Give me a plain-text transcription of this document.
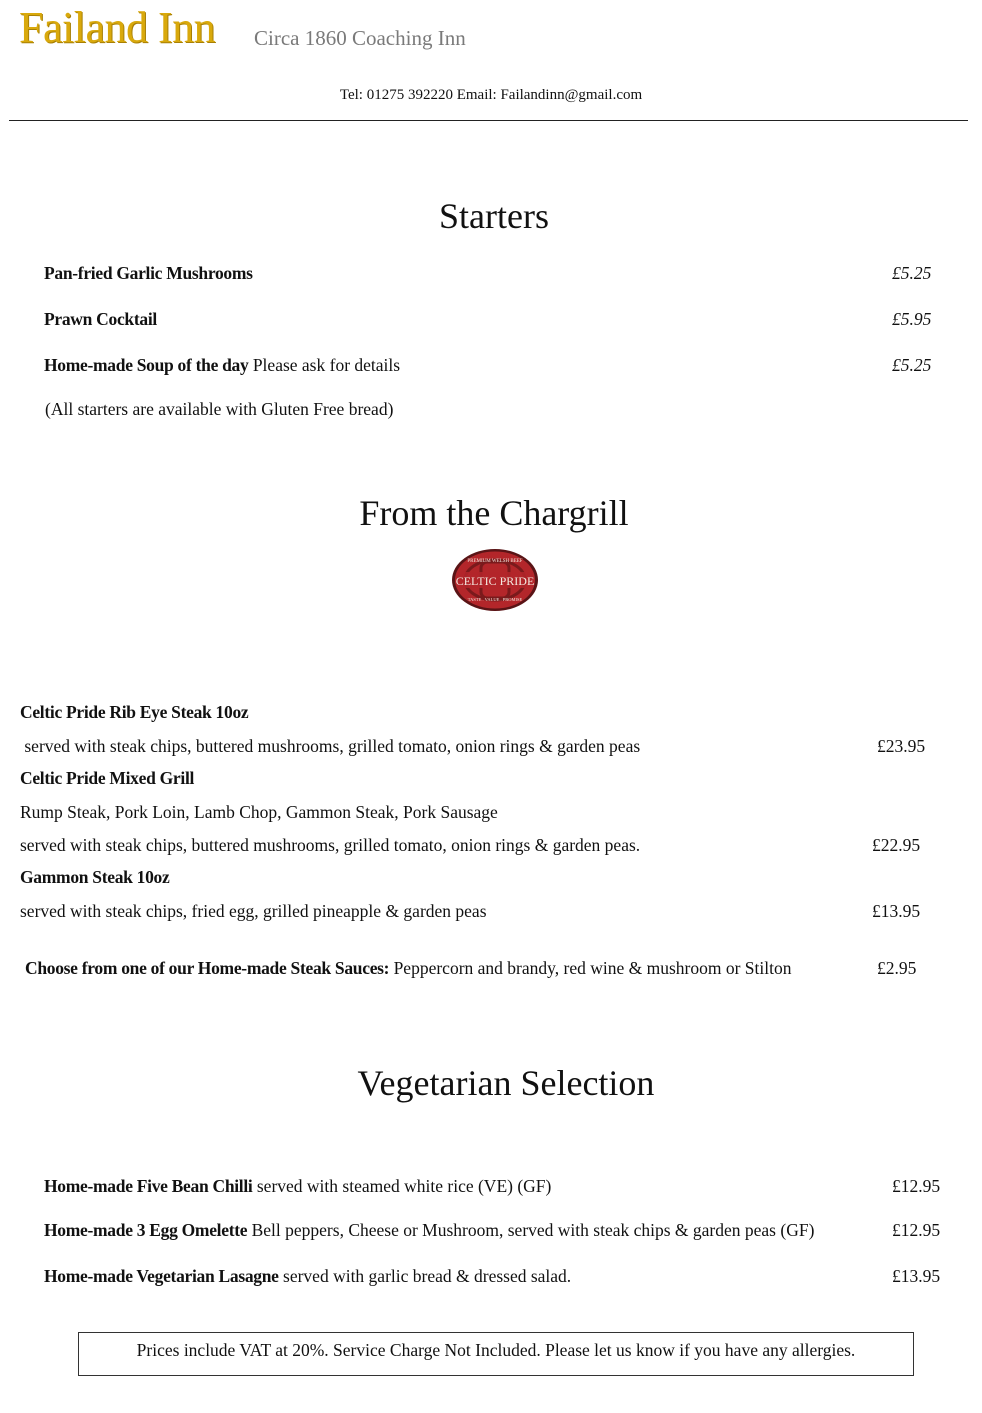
Failand Inn Circa 1860 Coaching Inn
Tel: 01275 392220 Email: Failandinn@gmail.com
Starters
Pan-fried Garlic Mushrooms	£5.25
Prawn Cocktail	£5.95
Home-made Soup of the day Please ask for details	£5.25
(All starters are available with Gluten Free bread)
From the Chargrill
CELTIC PRIDE
PREMIUM WELSH BEEF
TASTE . VALUE . PROMISE
Celtic Pride Rib Eye Steak 10oz
served with steak chips, buttered mushrooms, grilled tomato, onion rings & garden peas	£23.95
Celtic Pride Mixed Grill
Rump Steak, Pork Loin, Lamb Chop, Gammon Steak, Pork Sausage
served with steak chips, buttered mushrooms, grilled tomato, onion rings & garden peas.	£22.95
Gammon Steak 10oz
served with steak chips, fried egg, grilled pineapple & garden peas	£13.95
Choose from one of our Home-made Steak Sauces: Peppercorn and brandy, red wine & mushroom or Stilton	£2.95
Vegetarian Selection
Home-made Five Bean Chilli served with steamed white rice (VE) (GF)	£12.95
Home-made 3 Egg Omelette Bell peppers, Cheese or Mushroom, served with steak chips & garden peas (GF)	£12.95
Home-made Vegetarian Lasagne served with garlic bread & dressed salad.	£13.95
Prices include VAT at 20%. Service Charge Not Included. Please let us know if you have any allergies.
